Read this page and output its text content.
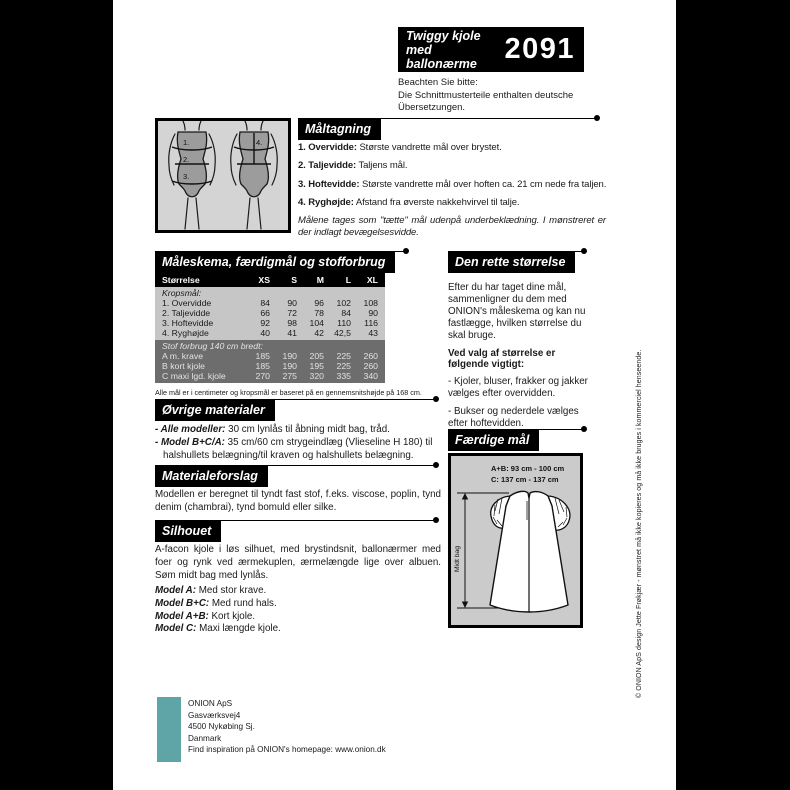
Twiggy kjole
med ballonærme 2091
Beachten Sie bitte:
Die Schnittmusterteile enthalten deutsche
Übersetzungen.
1.
2.
3.
4.
Måltagning
1. Overvidde: Største vandrette mål over brystet.
2. Taljevidde: Taljens mål.
3. Hoftevidde: Største vandrette mål over hoften ca. 21 cm nede fra taljen.
4. Ryghøjde: Afstand fra øverste nakkehvirvel til talje.
Målene tages som "tætte" mål udenpå underbeklædning. I mønstreret er der indlagt bevægelsesvidde.
Måleskema, færdigmål og stofforbrug
Størrelse	XS	S	M	L	XL
Kropsmål:
1. Overvidde	84	90	96	102	108
2. Taljevidde	66	72	78	84	90
3. Hoftevidde	92	98	104	110	116
4. Ryghøjde	40	41	42	42,5	43
Stof forbrug 140 cm bredt:
A m. krave	185	190	205	225	260
B kort kjole	185	190	195	225	260
C maxi lgd. kjole	270	275	320	335	340
Alle mål er i centimeter og kropsmål er baseret på en gennemsnitshøjde på 168 cm.
Den rette størrelse

Efter du har taget dine mål, sammenligner du dem med ONION's måleskema og kan nu fastlægge, hvilken størrelse du skal bruge.

Ved valg af størrelse er følgende vigtigt:

- Kjoler, bluser, frakker og jakker vælges efter overvidden.
- Bukser og nederdele vælges efter hoftevidden.
Øvrige materialer
- Alle modeller: 30 cm lynlås til åbning midt bag, tråd.
- Model B+C/A: 35 cm/60 cm strygeindlæg (Vlieseline H 180) til halshullets belægning/til kraven og halshullets belægning.
Materialeforslag
Modellen er beregnet til tyndt fast stof, f.eks. viscose, poplin, tynd denim (chambrai), tynd bomuld eller silke.
Silhouet
A-facon kjole i løs silhuet, med brystindsnit, ballonærmer med foer og rynk ved ærmekuplen, ærmelængde lige over albuen. Søm midt bag med lynlås.
Model A: Med stor krave.
Model B+C: Med rund hals.
Model A+B: Kort kjole.
Model C: Maxi længde kjole.
Færdige mål
A+B: 93 cm - 100 cm
C: 137 cm - 137 cm
Midt bag
ONION ApS
Gasværksvej4
4500 Nykøbing Sj.
Danmark
Find inspiration på ONION's homepage: www.onion.dk
© ONION ApS design Jette Frøkjær - mønstret må ikke kopieres og må ikke bruges i kommerciel henseende.
